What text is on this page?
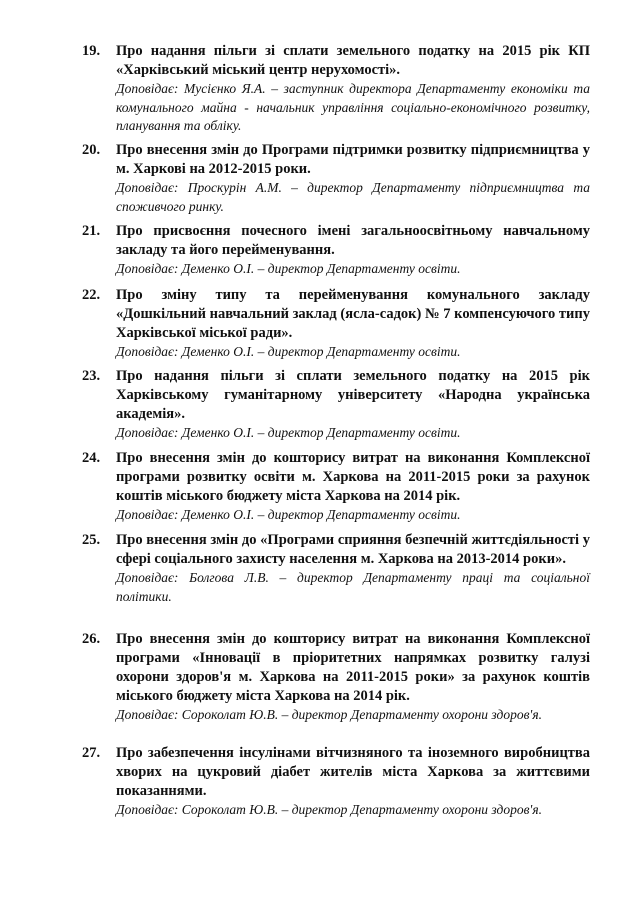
19. Про надання пільги зі сплати земельного податку на 2015 рік КП «Харківський міський центр нерухомості».
Доповідає: Мусієнко Я.А. – заступник директора Департаменту економіки та комунального майна - начальник управління соціально-економічного розвитку, планування та обліку.
20. Про внесення змін до Програми підтримки розвитку підприємництва у м. Харкові на 2012-2015 роки.
Доповідає: Проскурін А.М. – директор Департаменту підприємництва та споживчого ринку.
21. Про присвоєння почесного імені загальноосвітньому навчальному закладу та його перейменування.
Доповідає: Деменко О.І. – директор Департаменту освіти.
22. Про зміну типу та перейменування комунального закладу «Дошкільний навчальний заклад (ясла-садок) № 7 компенсуючого типу Харківської міської ради».
Доповідає: Деменко О.І. – директор Департаменту освіти.
23. Про надання пільги зі сплати земельного податку на 2015 рік Харківському гуманітарному університету «Народна українська академія».
Доповідає: Деменко О.І. – директор Департаменту освіти.
24. Про внесення змін до кошторису витрат на виконання Комплексної програми розвитку освіти м. Харкова на 2011-2015 роки за рахунок коштів міського бюджету міста Харкова на 2014 рік.
Доповідає: Деменко О.І. – директор Департаменту освіти.
25. Про внесення змін до «Програми сприяння безпечній життєдіяльності у сфері соціального захисту населення м. Харкова на 2013-2014 роки».
Доповідає: Болгова Л.В. – директор Департаменту праці та соціальної політики.
26. Про внесення змін до кошторису витрат на виконання Комплексної програми «Інновації в пріоритетних напрямках розвитку галузі охорони здоров'я м. Харкова на 2011-2015 роки» за рахунок коштів міського бюджету міста Харкова на 2014 рік.
Доповідає: Сороколат Ю.В. – директор Департаменту охорони здоров'я.
27. Про забезпечення інсулінами вітчизняного та іноземного виробництва хворих на цукровий діабет жителів міста Харкова за життєвими показаннями.
Доповідає: Сороколат Ю.В. – директор Департаменту охорони здоров'я.
